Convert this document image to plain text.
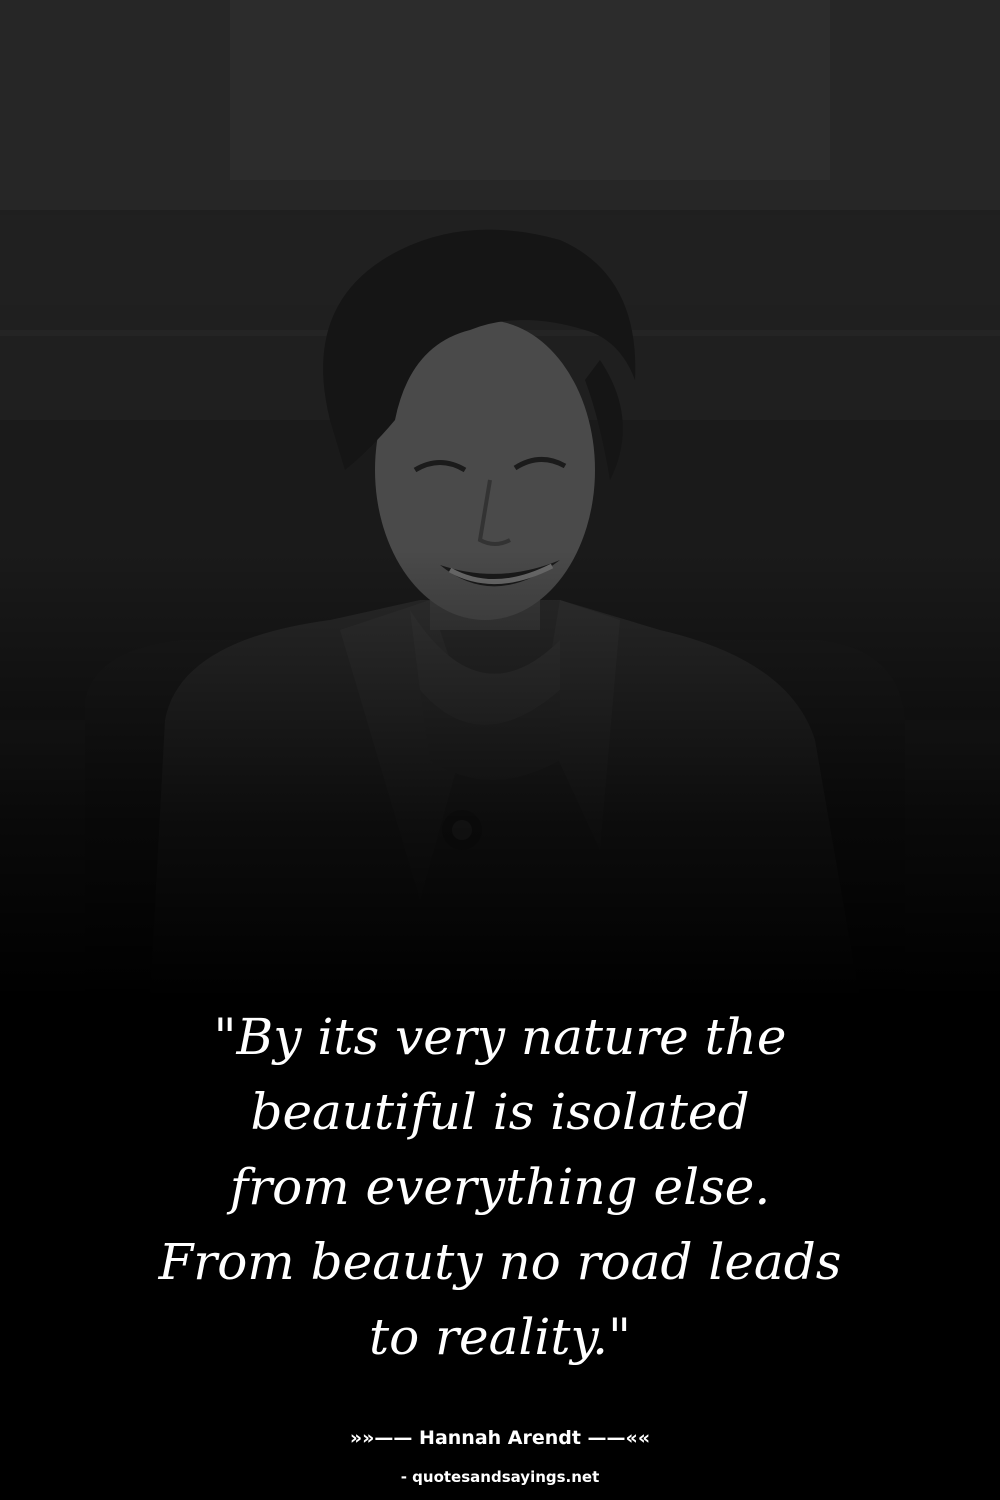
"By its very nature the
beautiful is isolated
from everything else.
From beauty no road leads
to reality."

»»—— Hannah Arendt ——««
- quotesandsayings.net
